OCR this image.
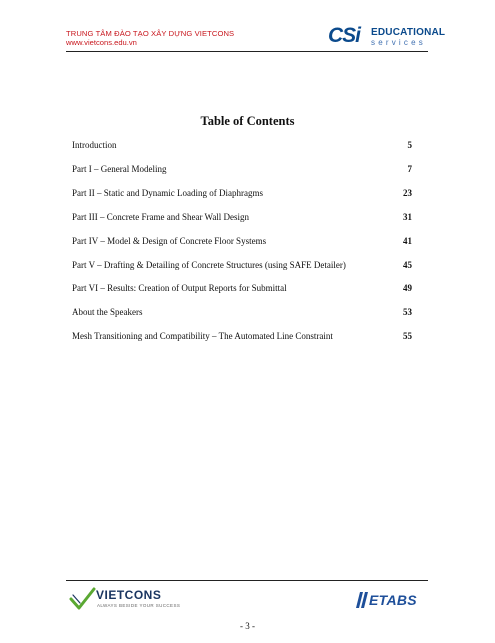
TRUNG TÂM ĐÀO TẠO XÂY DỰNG VIETCONS
www.vietcons.edu.vn	CSi EDUCATIONAL
services
Table of Contents
Introduction	5
Part I – General Modeling	7
Part II – Static and Dynamic Loading of Diaphragms	23
Part III – Concrete Frame and Shear Wall Design	31
Part IV – Model & Design of Concrete Floor Systems	41
Part V – Drafting & Detailing of Concrete Structures (using SAFE Detailer)	45
Part VI – Results: Creation of Output Reports for Submittal	49
About the Speakers	53
Mesh Transitioning and Compatibility – The Automated Line Constraint	55
VIETCONS
ALWAYS BESIDE YOUR SUCCESS	ETABS
- 3 -
